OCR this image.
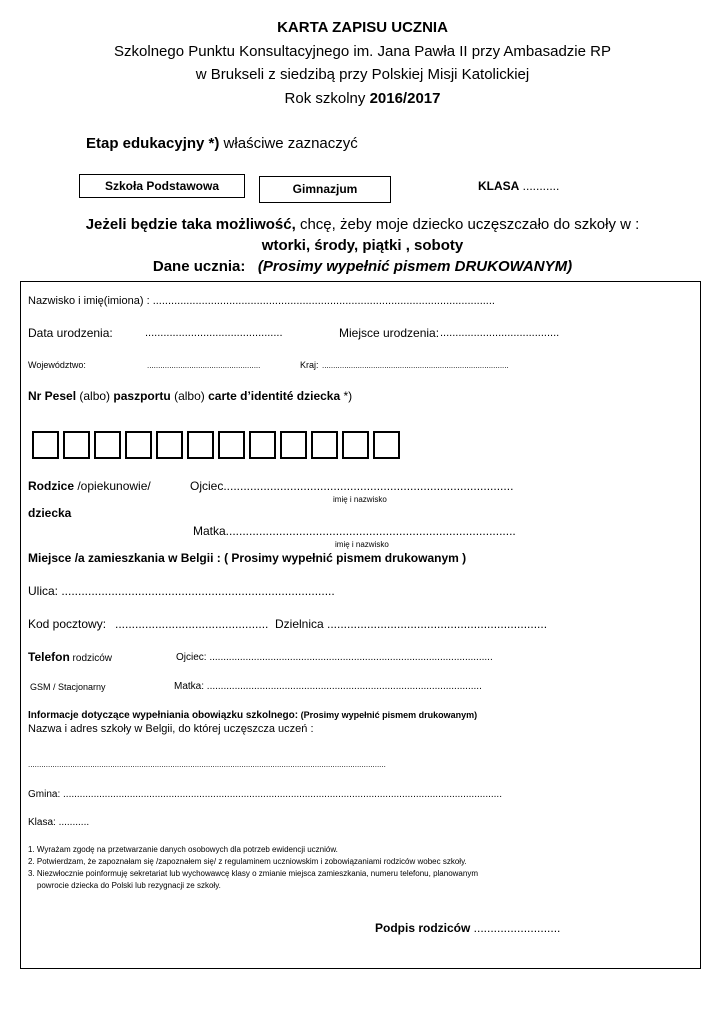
KARTA ZAPISU UCZNIA
Szkolnego Punktu Konsultacyjnego im. Jana Pawła II przy Ambasadzie RP
w Brukseli z siedzibą przy Polskiej Misji Katolickiej
Rok szkolny 2016/2017
Etap edukacyjny *) właściwe zaznaczyć
Szkoła Podstawowa	Gimnazjum	KLASA ...........
Jeżeli będzie taka możliwość, chcę, żeby moje dziecko uczęszczało do szkoły w :
wtorki, środy, piątki , soboty
Dane ucznia: (Prosimy wypełnić pismem DRUKOWANYM)
Nazwisko i imię(imiona) : ................................................................................................................
Data urodzenia:	.............................................	Miejsce urodzenia: .......................................
Województwo:	...................................................	Kraj: ....................................................................................
Nr Pesel (albo) paszportu (albo) carte d’identité dziecka *)
Rodzice /opiekunowie/	Ojciec.......................................................................................
imię i nazwisko
dziecka
Matka.......................................................................................
imię i nazwisko
Miejsce /a zamieszkania w Belgii : ( Prosimy wypełnić pismem drukowanym )
Ulica: ..................................................................................
Kod pocztowy: .............................................. Dzielnica ..................................................................
Telefon rodziców	Ojciec: ......................................................................................................
GSM / Stacjonarny	Matka: ...................................................................................................
Informacje dotyczące wypełniania obowiązku szkolnego: (Prosimy wypełnić pismem drukowanym)
Nazwa i adres szkoły w Belgii, do której uczęszcza uczeń :
.................................................................................................................................................................
Gmina: ..............................................................................................................................................................
Klasa: ...........
1. Wyrażam zgodę na przetwarzanie danych osobowych dla potrzeb ewidencji uczniów.
2. Potwierdzam, że zapoznałam się /zapoznałem się/ z regulaminem uczniowskim i zobowiązaniami rodziców wobec szkoły.
3. Niezwłocznie poinformuję sekretariat lub wychowawcę klasy o zmianie miejsca zamieszkania, numeru telefonu, planowanym
powrocie dziecka do Polski lub rezygnacji ze szkoły.
Podpis rodziców ..........................
